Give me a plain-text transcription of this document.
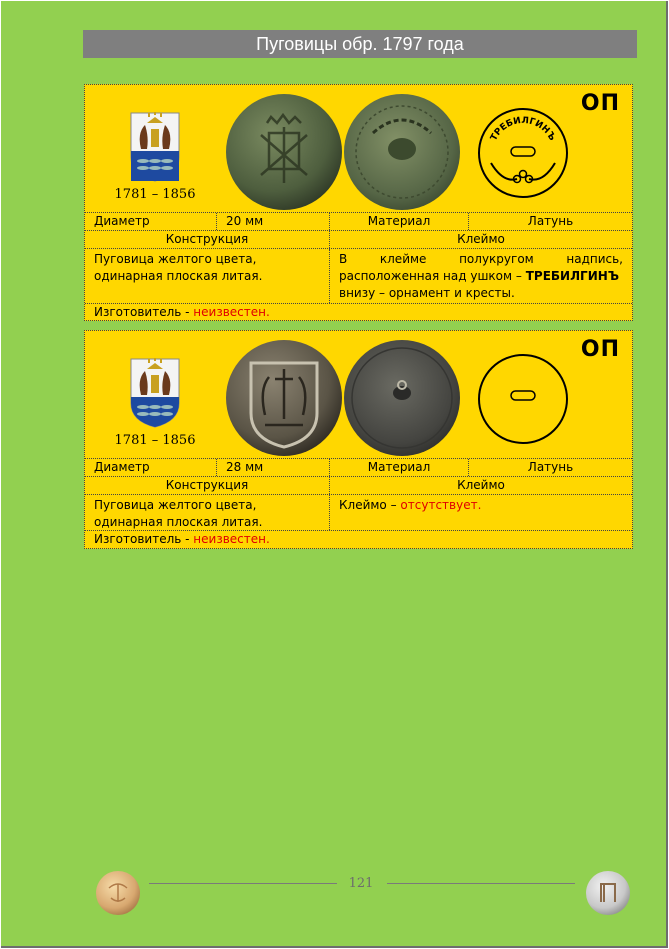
Пуговицы обр. 1797 года
1781 – 1856
ТРЕБИЛГИНЪ
ОП
Диаметр	20 мм	Материал	Латунь
Конструкция	Клеймо
Пуговица желтого цвета, одинарная плоская литая.
В клейме полукругом надпись, расположенная над ушком – ТРЕБИЛГИНЪ
внизу – орнамент и кресты.
Изготовитель - неизвестен.
1781 – 1856
ОП
Диаметр	28 мм	Материал	Латунь
Конструкция	Клеймо
Пуговица желтого цвета, одинарная плоская литая.
Клеймо – отсутствует.
Изготовитель - неизвестен.
121
